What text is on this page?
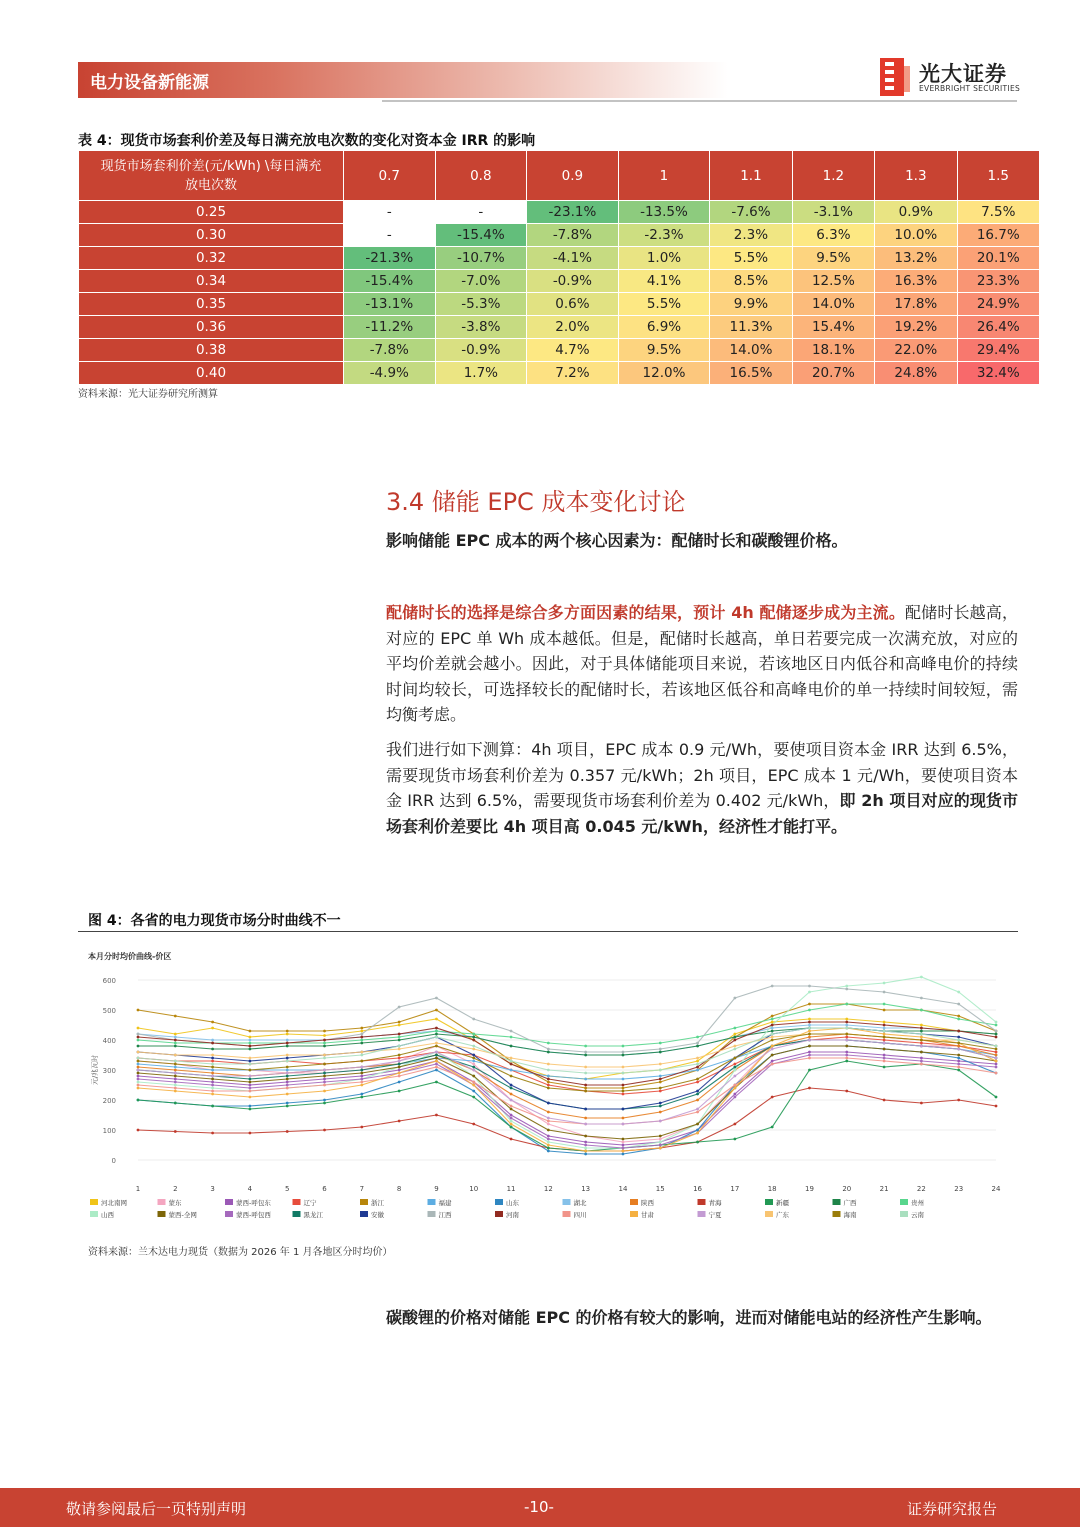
电力设备新能源	光大证券
EVERBRIGHT SECURITIES
表 4：现货市场套利价差及每日满充放电次数的变化对资本金 IRR 的影响
现货市场套利价差(元/kWh) \每日满充
放电次数	0.7	0.8	0.9	1	1.1	1.2	1.3	1.5
0.25	-	-	-23.1%	-13.5%	-7.6%	-3.1%	0.9%	7.5%
0.30	-	-15.4%	-7.8%	-2.3%	2.3%	6.3%	10.0%	16.7%
0.32	-21.3%	-10.7%	-4.1%	1.0%	5.5%	9.5%	13.2%	20.1%
0.34	-15.4%	-7.0%	-0.9%	4.1%	8.5%	12.5%	16.3%	23.3%
0.35	-13.1%	-5.3%	0.6%	5.5%	9.9%	14.0%	17.8%	24.9%
0.36	-11.2%	-3.8%	2.0%	6.9%	11.3%	15.4%	19.2%	26.4%
0.38	-7.8%	-0.9%	4.7%	9.5%	14.0%	18.1%	22.0%	29.4%
0.40	-4.9%	1.7%	7.2%	12.0%	16.5%	20.7%	24.8%	32.4%
资料来源：光大证券研究所测算
3.4 储能 EPC 成本变化讨论
影响储能 EPC 成本的两个核心因素为：配储时长和碳酸锂价格。
配储时长的选择是综合多方面因素的结果，预计 4h 配储逐步成为主流。配储时长越高，对应的 EPC 单 Wh 成本越低。但是，配储时长越高，单日若要完成一次满充放，对应的平均价差就会越小。因此，对于具体储能项目来说，若该地区日内低谷和高峰电价的持续时间均较长，可选择较长的配储时长，若该地区低谷和高峰电价的单一持续时间较短，需均衡考虑。
我们进行如下测算：4h 项目，EPC 成本 0.9 元/Wh，要使项目资本金 IRR 达到 6.5%，需要现货市场套利价差为 0.357 元/kWh；2h 项目，EPC 成本 1 元/Wh，要使项目资本金 IRR 达到 6.5%，需要现货市场套利价差为 0.402 元/kWh，即 2h 项目对应的现货市场套利价差要比 4h 项目高 0.045 元/kWh，经济性才能打平。
图 4：各省的电力现货市场分时曲线不一
本月分时均价曲线-价区
元/兆瓦时
600
500
400
300
200
100
0
1	2	3	4	5	6	7	8	9	10	11	12	13	14	15	16	17	18	19	20	21	22	23	24
河北南网	蒙东	蒙西-呼包东	辽宁	浙江	福建	山东	湖北	陕西	青海	新疆	广西	贵州
山西	蒙西-全网	蒙西-呼包西	黑龙江	安徽	江西	河南	四川	甘肃	宁夏	广东	海南	云南
资料来源：兰木达电力现货（数据为 2026 年 1 月各地区分时均价）
碳酸锂的价格对储能 EPC 的价格有较大的影响，进而对储能电站的经济性产生影响。
敬请参阅最后一页特别声明	-10-	证券研究报告
